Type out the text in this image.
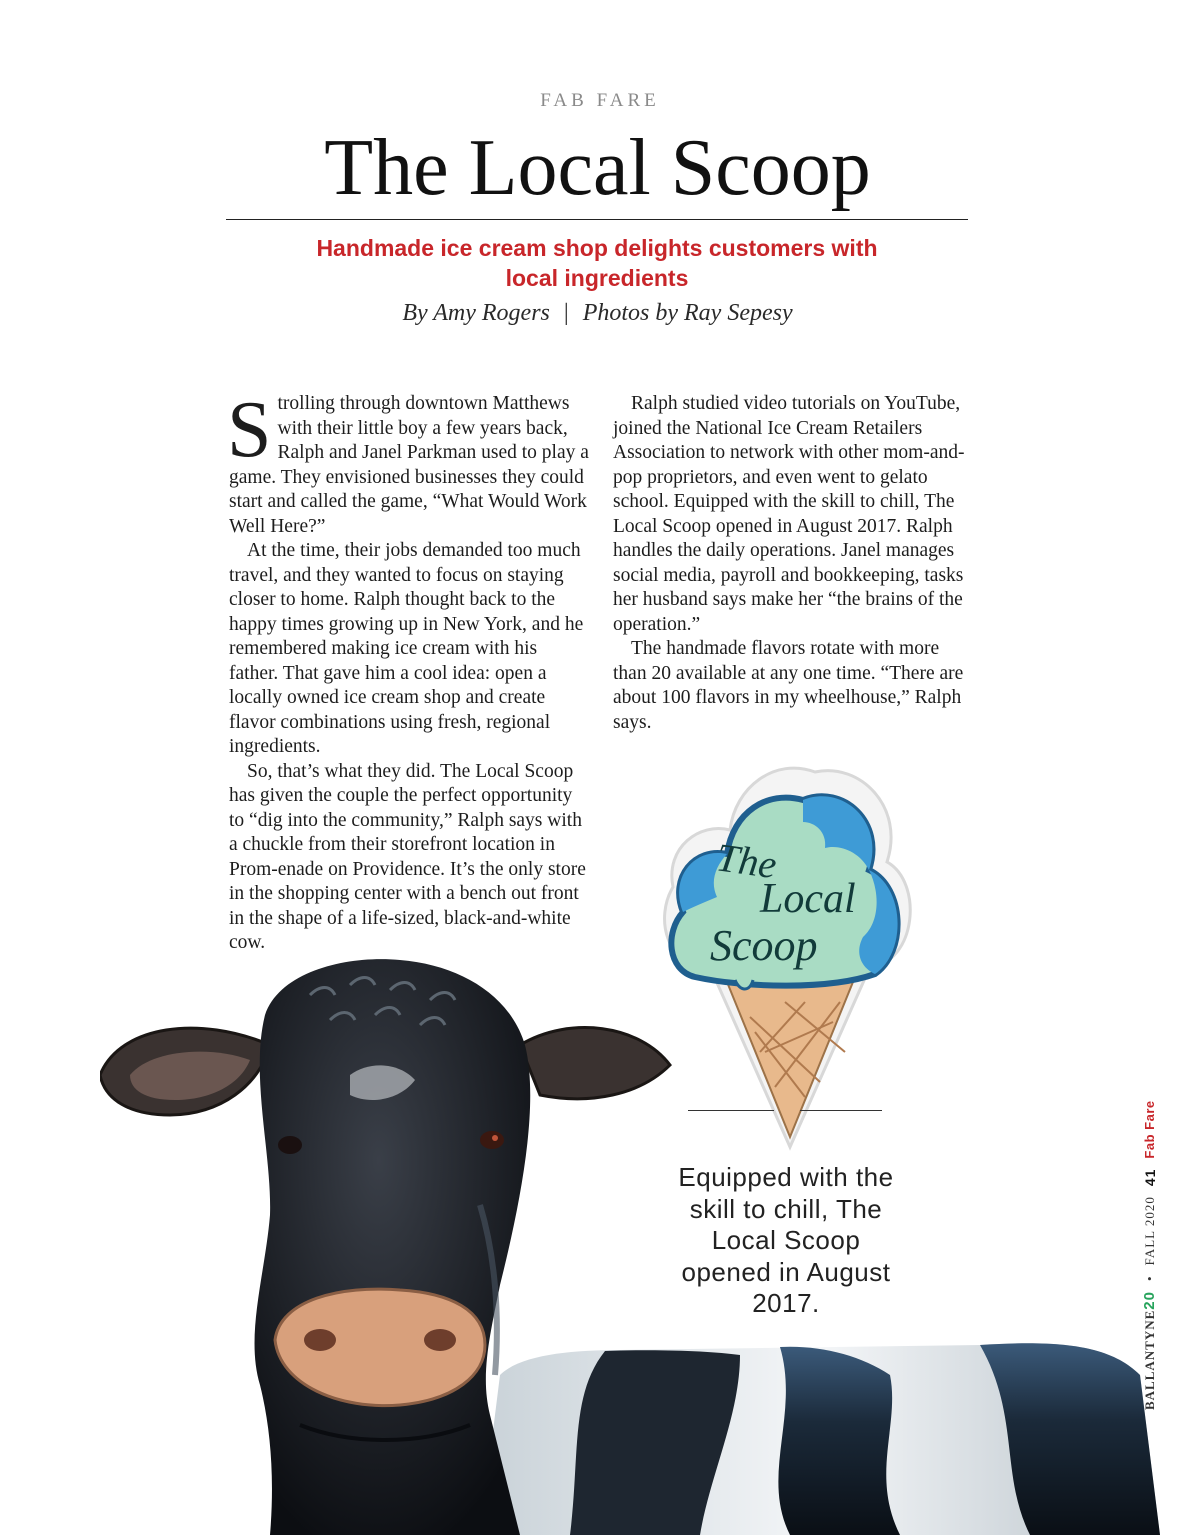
FAB FARE
The Local Scoop
Handmade ice cream shop delights customers with local ingredients
By Amy Rogers | Photos by Ray Sepesy

Strolling through downtown Matthews with their little boy a few years back, Ralph and Janel Parkman used to play a game. They envisioned businesses they could start and called the game, “What Would Work Well Here?”

At the time, their jobs demanded too much travel, and they wanted to focus on staying closer to home. Ralph thought back to the happy times growing up in New York, and he remembered making ice cream with his father. That gave him a cool idea: open a locally owned ice cream shop and create flavor combinations using fresh, regional ingredients.

So, that’s what they did. The Local Scoop has given the couple the perfect opportunity to “dig into the community,” Ralph says with a chuckle from their storefront location in Prom-enade on Providence. It’s the only store in the shopping center with a bench out front in the shape of a life-sized, black-and-white cow.

Ralph studied video tutorials on YouTube, joined the National Ice Cream Retailers Association to network with other mom-and-pop proprietors, and even went to gelato school. Equipped with the skill to chill, The Local Scoop opened in August 2017. Ralph handles the daily operations. Janel manages social media, payroll and bookkeeping, tasks her husband says make her “the brains of the operation.”

The handmade flavors rotate with more than 20 available at any one time. “There are about 100 flavors in my wheelhouse,” Ralph says.

The
Local
Scoop
Equipped with the skill to chill, The Local Scoop opened in August 2017.
BALLANTYNE20
•
FALL 2020
41
Fab Fare
